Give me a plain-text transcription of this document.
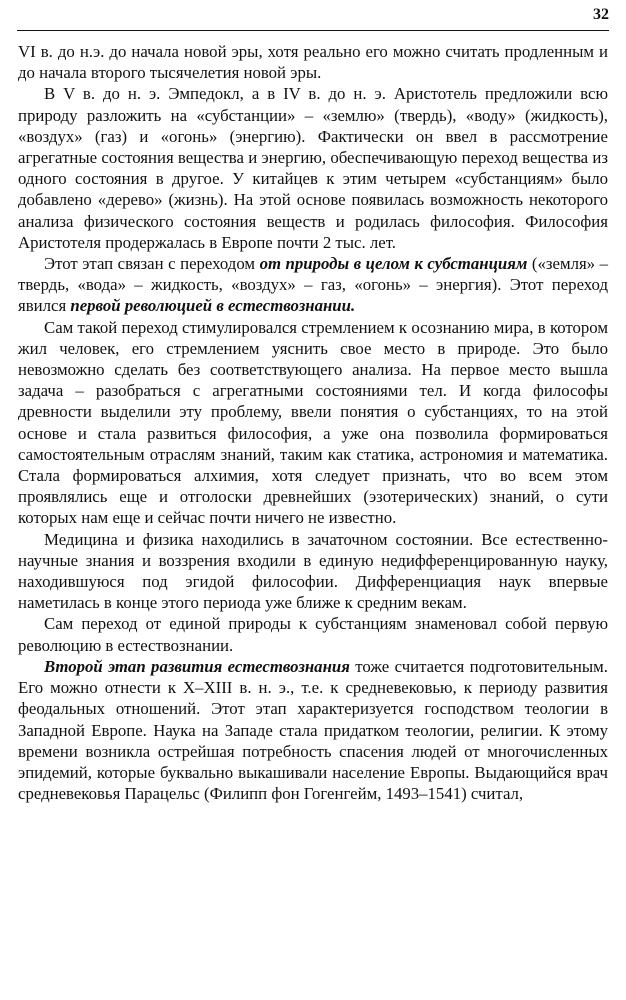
32

VI в. до н.э. до начала новой эры, хотя реально его можно считать продленным и до начала второго тысячелетия новой эры.

В V в. до н. э. Эмпедокл, а в IV в. до н. э. Аристотель предложили всю природу разложить на «субстанции» – «землю» (твердь), «воду» (жидкость), «воздух» (газ) и «огонь» (энергию). Фактически он ввел в рассмотрение агрегатные состояния вещества и энергию, обеспечивающую переход вещества из одного состояния в другое. У китайцев к этим четырем «субстанциям» было добавлено «дерево» (жизнь). На этой основе появилась возможность некоторого анализа физического состояния веществ и родилась философия. Философия Аристотеля продержалась в Европе почти 2 тыс. лет.

Этот этап связан с переходом от природы в целом к субстанциям («земля» – твердь, «вода» – жидкость, «воздух» – газ, «огонь» – энергия). Этот переход явился первой революцией в естествознании.

Сам такой переход стимулировался стремлением к осознанию мира, в котором жил человек, его стремлением уяснить свое место в природе. Это было невозможно сделать без соответствующего анализа. На первое место вышла задача – разобраться с агрегатными состояниями тел. И когда философы древности выделили эту проблему, ввели понятия о субстанциях, то на этой основе и стала развиться философия, а уже она позволила формироваться самостоятельным отраслям знаний, таким как статика, астрономия и математика. Стала формироваться алхимия, хотя следует признать, что во всем этом проявлялись еще и отголоски древнейших (эзотерических) знаний, о сути которых нам еще и сейчас почти ничего не известно.

Медицина и физика находились в зачаточном состоянии. Все естественно-научные знания и воззрения входили в единую недифференцированную науку, находившуюся под эгидой философии. Дифференциация наук впервые наметилась в конце этого периода уже ближе к средним векам.

Сам переход от единой природы к субстанциям знаменовал собой первую революцию в естествознании.

Второй этап развития естествознания тоже считается подготовительным. Его можно отнести к X–XIII в. н. э., т.е. к средневековью, к периоду развития феодальных отношений. Этот этап характеризуется господством теологии в Западной Европе. Наука на Западе стала придатком теологии, религии. К этому времени возникла острейшая потребность спасения людей от многочисленных эпидемий, которые буквально выкашивали население Европы. Выдающийся врач средневековья Парацельс (Филипп фон Гогенгейм, 1493–1541) считал,
